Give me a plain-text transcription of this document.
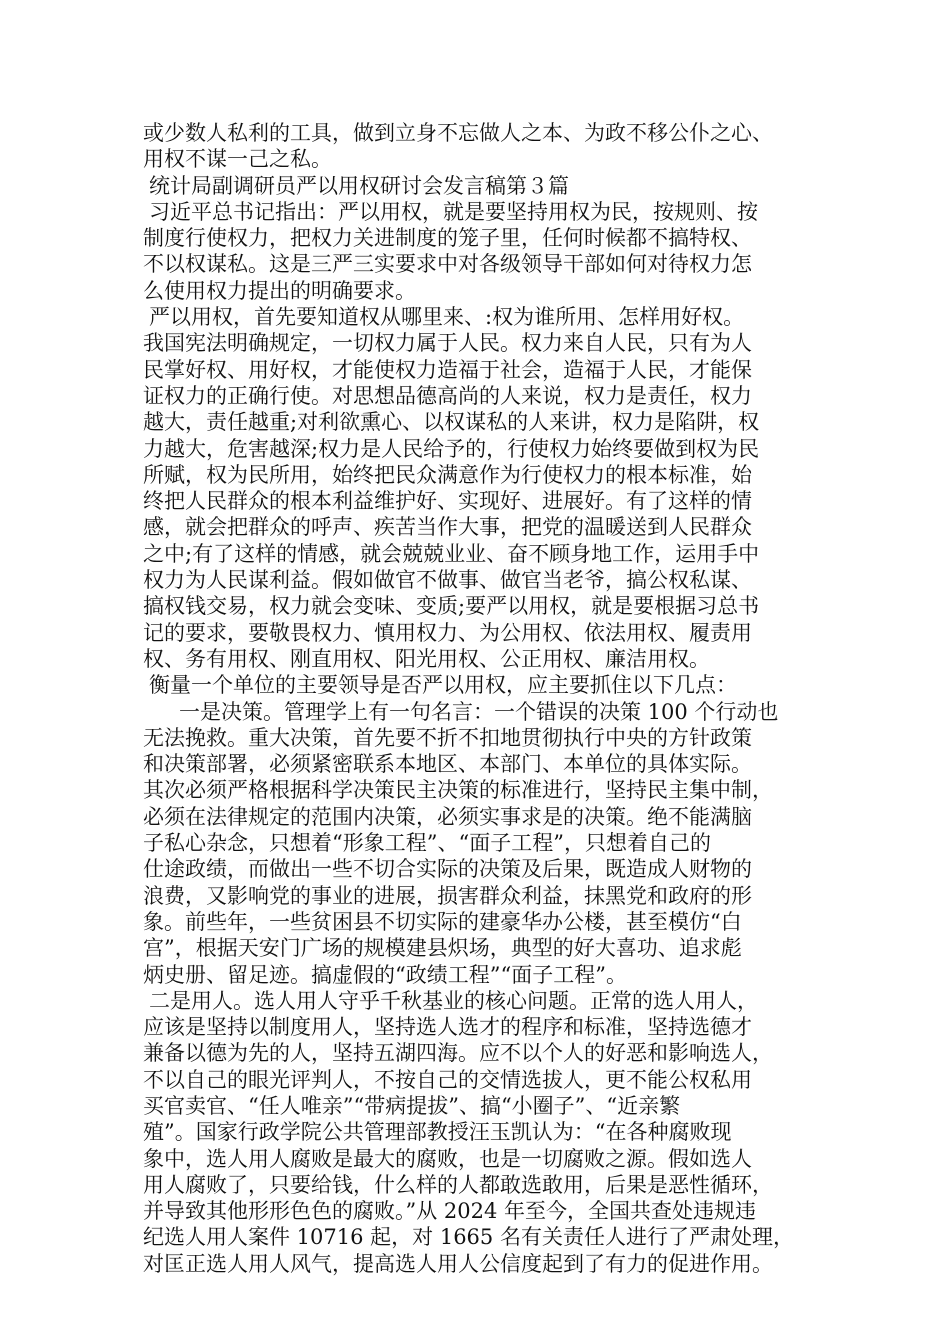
或少数人私利的工具，做到立身不忘做人之本、为政不移公仆之心、
用权不谋一己之私。
统计局副调研员严以用权研讨会发言稿第３篇
习近平总书记指出：严以用权，就是要坚持用权为民，按规则、按
制度行使权力，把权力关进制度的笼子里，任何时候都不搞特权、
不以权谋私。这是三严三实要求中对各级领导干部如何对待权力怎
么使用权力提出的明确要求。
严以用权，首先要知道权从哪里来、:权为谁所用、怎样用好权。
我国宪法明确规定，一切权力属于人民。权力来自人民，只有为人
民掌好权、用好权，才能使权力造福于社会，造福于人民，才能保
证权力的正确行使。对思想品德高尚的人来说，权力是责任，权力
越大，责任越重;对利欲熏心、以权谋私的人来讲，权力是陷阱，权
力越大，危害越深;权力是人民给予的，行使权力始终要做到权为民
所赋，权为民所用，始终把民众满意作为行使权力的根本标准，始
终把人民群众的根本利益维护好、实现好、进展好。有了这样的情
感，就会把群众的呼声、疾苦当作大事，把党的温暖送到人民群众
之中;有了这样的情感，就会兢兢业业、奋不顾身地工作，运用手中
权力为人民谋利益。假如做官不做事、做官当老爷，搞公权私谋、
搞权钱交易，权力就会变味、变质;要严以用权，就是要根据习总书
记的要求，要敬畏权力、慎用权力、为公用权、依法用权、履责用
权、务有用权、刚直用权、阳光用权、公正用权、廉洁用权。
衡量一个单位的主要领导是否严以用权，应主要抓住以下几点：
一是决策。管理学上有一句名言：一个错误的决策 100 个行动也
无法挽救。重大决策，首先要不折不扣地贯彻执行中央的方针政策
和决策部署，必须紧密联系本地区、本部门、本单位的具体实际。
其次必须严格根据科学决策民主决策的标准进行，坚持民主集中制，
必须在法律规定的范围内决策，必须实事求是的决策。绝不能满脑
子私心杂念，只想着“形象工程”、“面子工程”，只想着自己的
仕途政绩，而做出一些不切合实际的决策及后果，既造成人财物的
浪费，又影响党的事业的进展，损害群众利益，抹黑党和政府的形
象。前些年，一些贫困县不切实际的建豪华办公楼，甚至模仿“白
宫”，根据天安门广场的规模建县炽场，典型的好大喜功、追求彪
炳史册、留足迹。搞虚假的“政绩工程”“面子工程”。
二是用人。选人用人守乎千秋基业的核心问题。正常的选人用人，
应该是坚持以制度用人，坚持选人选才的程序和标准，坚持选德才
兼备以德为先的人，坚持五湖四海。应不以个人的好恶和影响选人，
不以自己的眼光评判人，不按自己的交情选拔人，更不能公权私用
买官卖官、“任人唯亲”“带病提拔”、搞“小圈子”、“近亲繁
殖”。国家行政学院公共管理部教授汪玉凯认为：“在各种腐败现
象中，选人用人腐败是最大的腐败，也是一切腐败之源。假如选人
用人腐败了，只要给钱，什么样的人都敢选敢用，后果是恶性循环，
并导致其他形形色色的腐败。”从 2024 年至今，全国共查处违规违
纪选人用人案件 10716 起，对 1665 名有关责任人进行了严肃处理，
对匡正选人用人风气，提高选人用人公信度起到了有力的促进作用。
